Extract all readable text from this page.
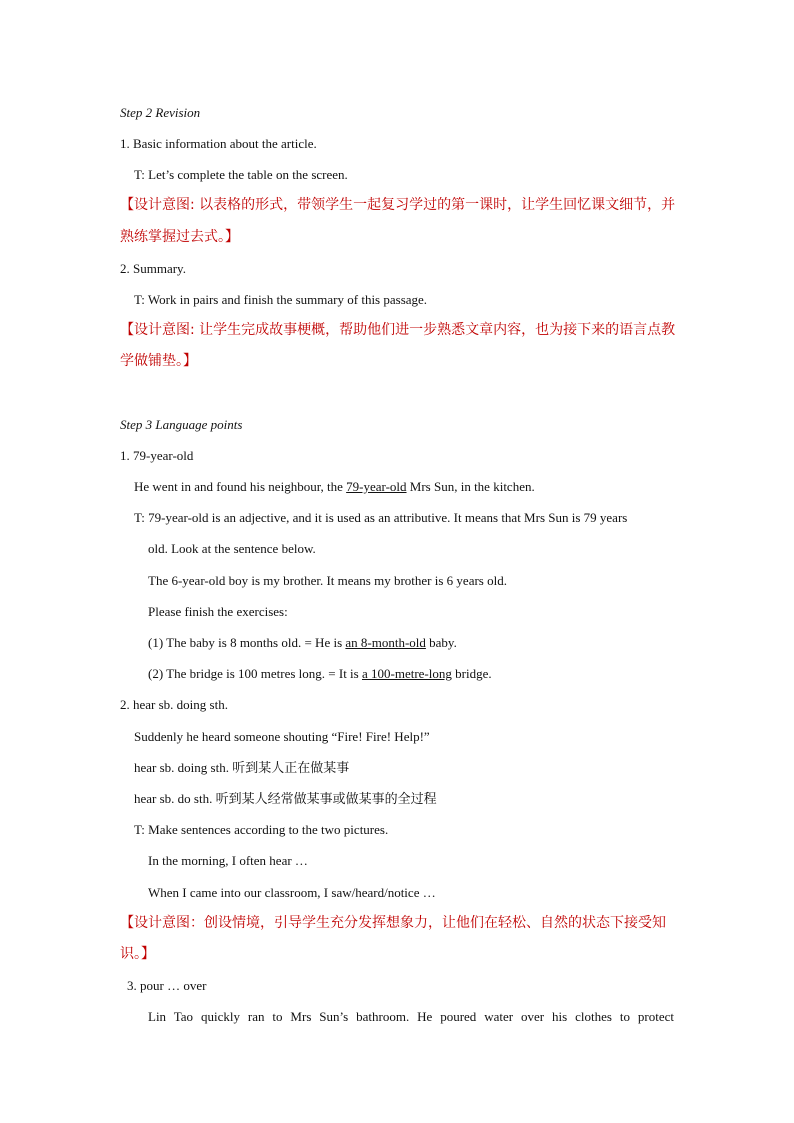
Step 2 Revision
1. Basic information about the article.
T: Let’s complete the table on the screen.
【设计意图: 以表格的形式，带领学生一起复习学过的第一课时，让学生回忆课文细节，并
熟练掌握过去式。】
2. Summary.
T: Work in pairs and finish the summary of this passage.
【设计意图: 让学生完成故事梗概，帮助他们进一步熟悉文章内容，也为接下来的语言点教
学做铺垫。】
Step 3 Language points
1. 79-year-old
He went in and found his neighbour, the 79-year-old Mrs Sun, in the kitchen.
T: 79-year-old is an adjective, and it is used as an attributive. It means that Mrs Sun is 79 years
old. Look at the sentence below.
The 6-year-old boy is my brother. It means my brother is 6 years old.
Please finish the exercises:
(1) The baby is 8 months old. = He is an 8-month-old baby.
(2) The bridge is 100 metres long. = It is a 100-metre-long bridge.
2. hear sb. doing sth.
Suddenly he heard someone shouting “Fire! Fire! Help!”
hear sb. doing sth. 听到某人正在做某事
hear sb. do sth. 听到某人经常做某事或做某事的全过程
T: Make sentences according to the two pictures.
In the morning, I often hear …
When I came into our classroom, I saw/heard/notice …
【设计意图：创设情境，引导学生充分发挥想象力，让他们在轻松、自然的状态下接受知
识。】
3. pour … over
Lin Tao quickly ran to Mrs Sun’s bathroom. He poured water over his clothes to protect
